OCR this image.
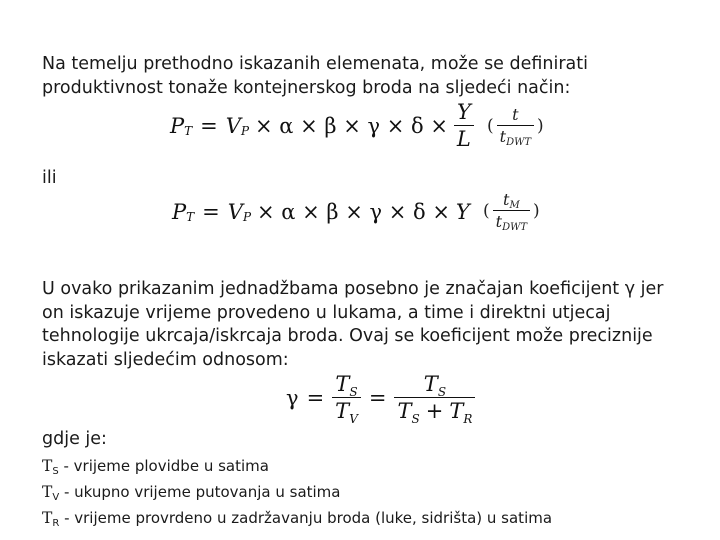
Na temelju prethodno iskazanih elemenata, može se definirati produktivnost tonaže kontejnerskog broda na sljedeći način:
P T = V $P \times \alpha \times \beta \times \gamma \times \delta \times \frac{Y}{L}$ ( $\frac{t}{\text{tDWT}}$ )
ili
P T = V P × α × β × γ × δ × Y ( $\frac{tM}{\text{tDWT}}$ )
U ovako prikazanim jednadžbama posebno je značajan koeficijent γ jer on iskazuje vrijeme provedeno u lukama, a time i direktni utjecaj tehnologije ukrcaja/iskrcaja broda. Ovaj se koeficijent može preciznije iskazati sljedećim odnosom:
$\gamma = \frac{T_S}{T_V} = \frac{T_S}{T_S + T_R}$
gdje je:
$T_S$ - vrijeme plovidbe u satima
$T_V$ - ukupno vrijeme putovanja u satima
$T_R$ - vrijeme provrdeno u zadržavanju broda (luke, sidrišta) u satima
